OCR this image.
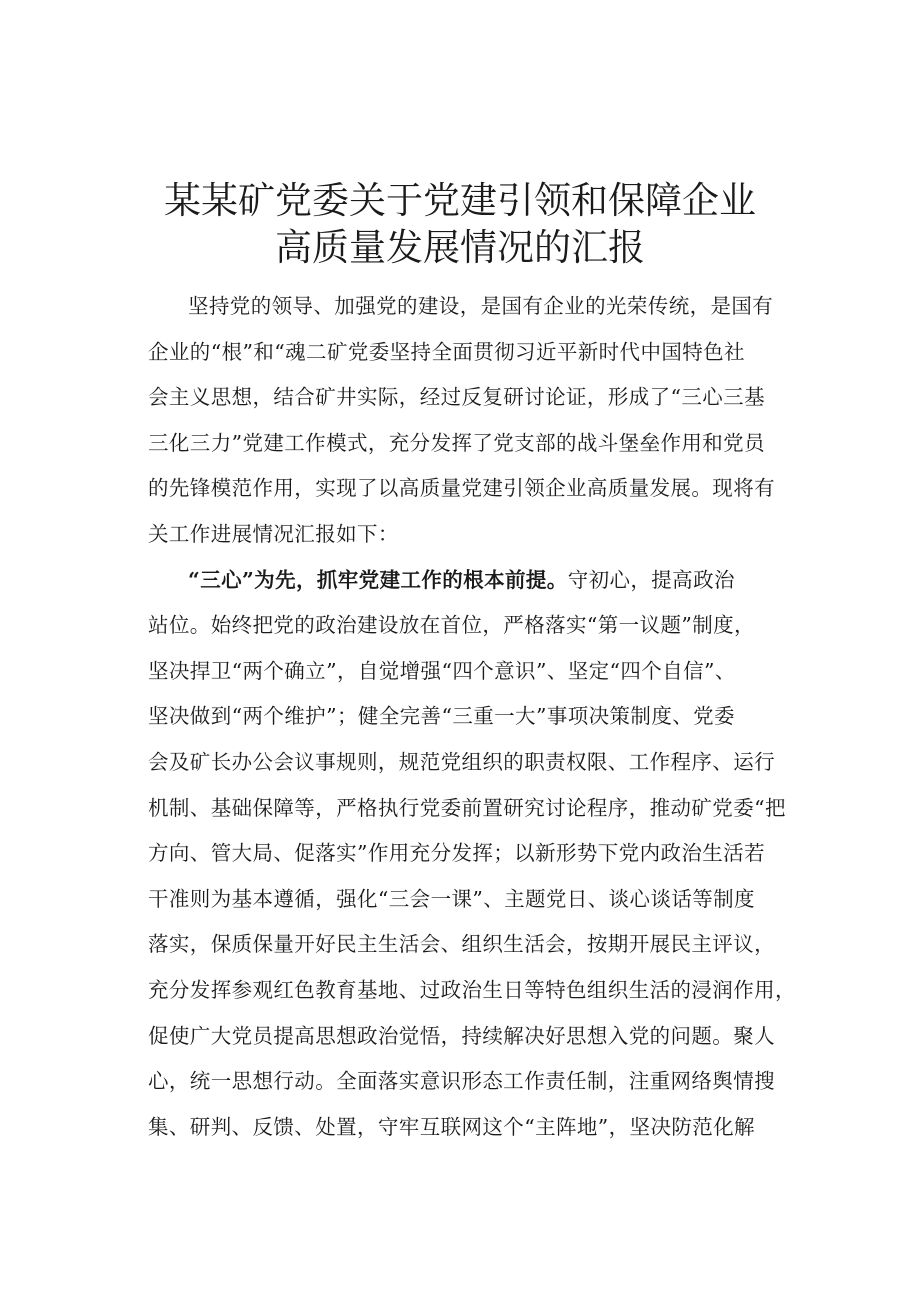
某某矿党委关于党建引领和保障企业
高质量发展情况的汇报
坚持党的领导、加强党的建设，是国有企业的光荣传统，是国有
企业的“根”和“魂二矿党委坚持全面贯彻习近平新时代中国特色社
会主义思想，结合矿井实际，经过反复研讨论证，形成了“三心三基
三化三力”党建工作模式，充分发挥了党支部的战斗堡垒作用和党员
的先锋模范作用，实现了以高质量党建引领企业高质量发展。现将有
关工作进展情况汇报如下：
“三心”为先，抓牢党建工作的根本前提。守初心，提高政治
站位。始终把党的政治建设放在首位，严格落实“第一议题”制度，
坚决捍卫“两个确立”，自觉增强“四个意识”、坚定“四个自信”、
坚决做到“两个维护”；健全完善“三重一大”事项决策制度、党委
会及矿长办公会议事规则，规范党组织的职责权限、工作程序、运行
机制、基础保障等，严格执行党委前置研究讨论程序，推动矿党委“把
方向、管大局、促落实”作用充分发挥；以新形势下党内政治生活若
干准则为基本遵循，强化“三会一课”、主题党日、谈心谈话等制度
落实，保质保量开好民主生活会、组织生活会，按期开展民主评议，
充分发挥参观红色教育基地、过政治生日等特色组织生活的浸润作用，
促使广大党员提高思想政治觉悟，持续解决好思想入党的问题。聚人
心，统一思想行动。全面落实意识形态工作责任制，注重网络舆情搜
集、研判、反馈、处置，守牢互联网这个“主阵地”，坚决防范化解
